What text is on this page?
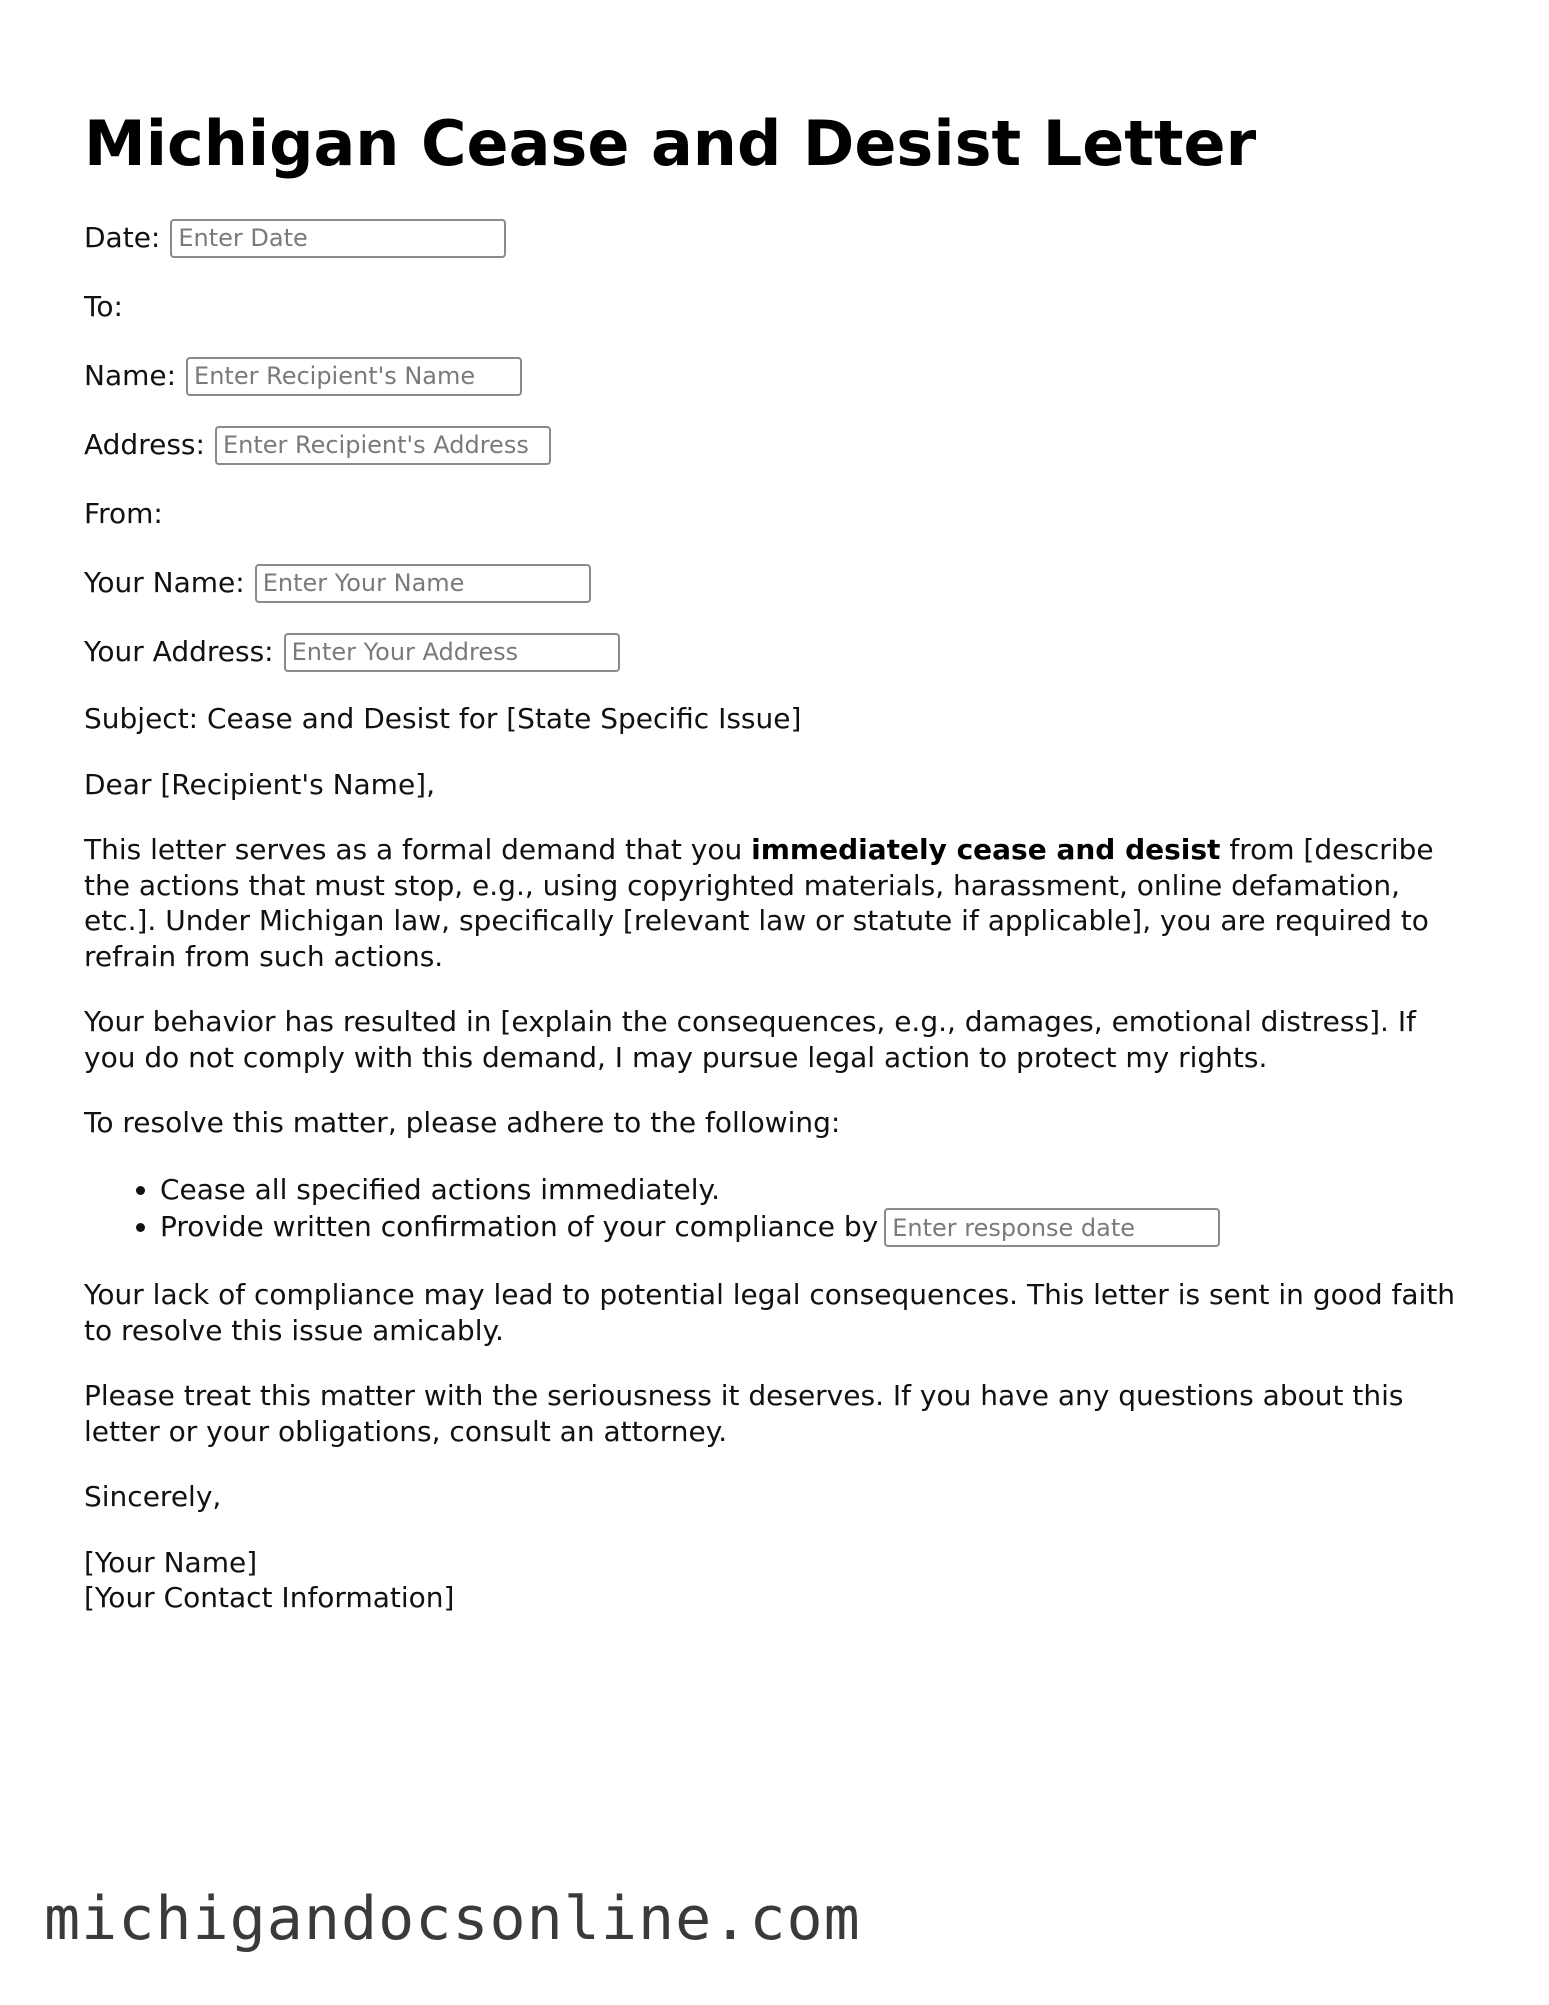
Michigan Cease and Desist Letter
Date:
Enter Date
To:
Name:
Enter Recipient's Name
Address:
Enter Recipient's Address
From:
Your Name:
Enter Your Name
Your Address:
Enter Your Address

Subject: Cease and Desist for [State Specific Issue]

Dear [Recipient's Name],

This letter serves as a formal demand that you immediately cease and desist from [describe the actions that must stop, e.g., using copyrighted materials, harassment, online defamation, etc.]. Under Michigan law, specifically [relevant law or statute if applicable], you are required to refrain from such actions.

Your behavior has resulted in [explain the consequences, e.g., damages, emotional distress]. If you do not comply with this demand, I may pursue legal action to protect my rights.

To resolve this matter, please adhere to the following:

• Cease all specified actions immediately.
• Provide written confirmation of your compliance byEnter response date

Your lack of compliance may lead to potential legal consequences. This letter is sent in good faith to resolve this issue amicably.

Please treat this matter with the seriousness it deserves. If you have any questions about this letter or your obligations, consult an attorney.

Sincerely,

[Your Name]
[Your Contact Information]

michigandocsonline.com
